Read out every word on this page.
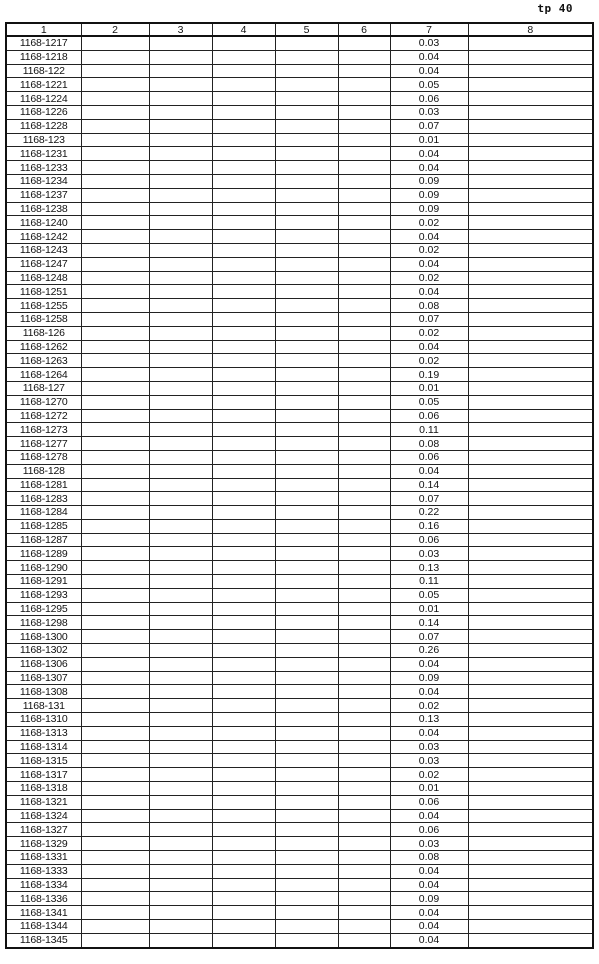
tp 40
1	2	3	4	5	6	7	8
1168-1217						0.03	
1168-1218						0.04	
1168-122						0.04	
1168-1221						0.05	
1168-1224						0.06	
1168-1226						0.03	
1168-1228						0.07	
1168-123						0.01	
1168-1231						0.04	
1168-1233						0.04	
1168-1234						0.09	
1168-1237						0.09	
1168-1238						0.09	
1168-1240						0.02	
1168-1242						0.04	
1168-1243						0.02	
1168-1247						0.04	
1168-1248						0.02	
1168-1251						0.04	
1168-1255						0.08	
1168-1258						0.07	
1168-126						0.02	
1168-1262						0.04	
1168-1263						0.02	
1168-1264						0.19	
1168-127						0.01	
1168-1270						0.05	
1168-1272						0.06	
1168-1273						0.11	
1168-1277						0.08	
1168-1278						0.06	
1168-128						0.04	
1168-1281						0.14	
1168-1283						0.07	
1168-1284						0.22	
1168-1285						0.16	
1168-1287						0.06	
1168-1289						0.03	
1168-1290						0.13	
1168-1291						0.11	
1168-1293						0.05	
1168-1295						0.01	
1168-1298						0.14	
1168-1300						0.07	
1168-1302						0.26	
1168-1306						0.04	
1168-1307						0.09	
1168-1308						0.04	
1168-131						0.02	
1168-1310						0.13	
1168-1313						0.04	
1168-1314						0.03	
1168-1315						0.03	
1168-1317						0.02	
1168-1318						0.01	
1168-1321						0.06	
1168-1324						0.04	
1168-1327						0.06	
1168-1329						0.03	
1168-1331						0.08	
1168-1333						0.04	
1168-1334						0.04	
1168-1336						0.09	
1168-1341						0.04	
1168-1344						0.04	
1168-1345						0.04	
